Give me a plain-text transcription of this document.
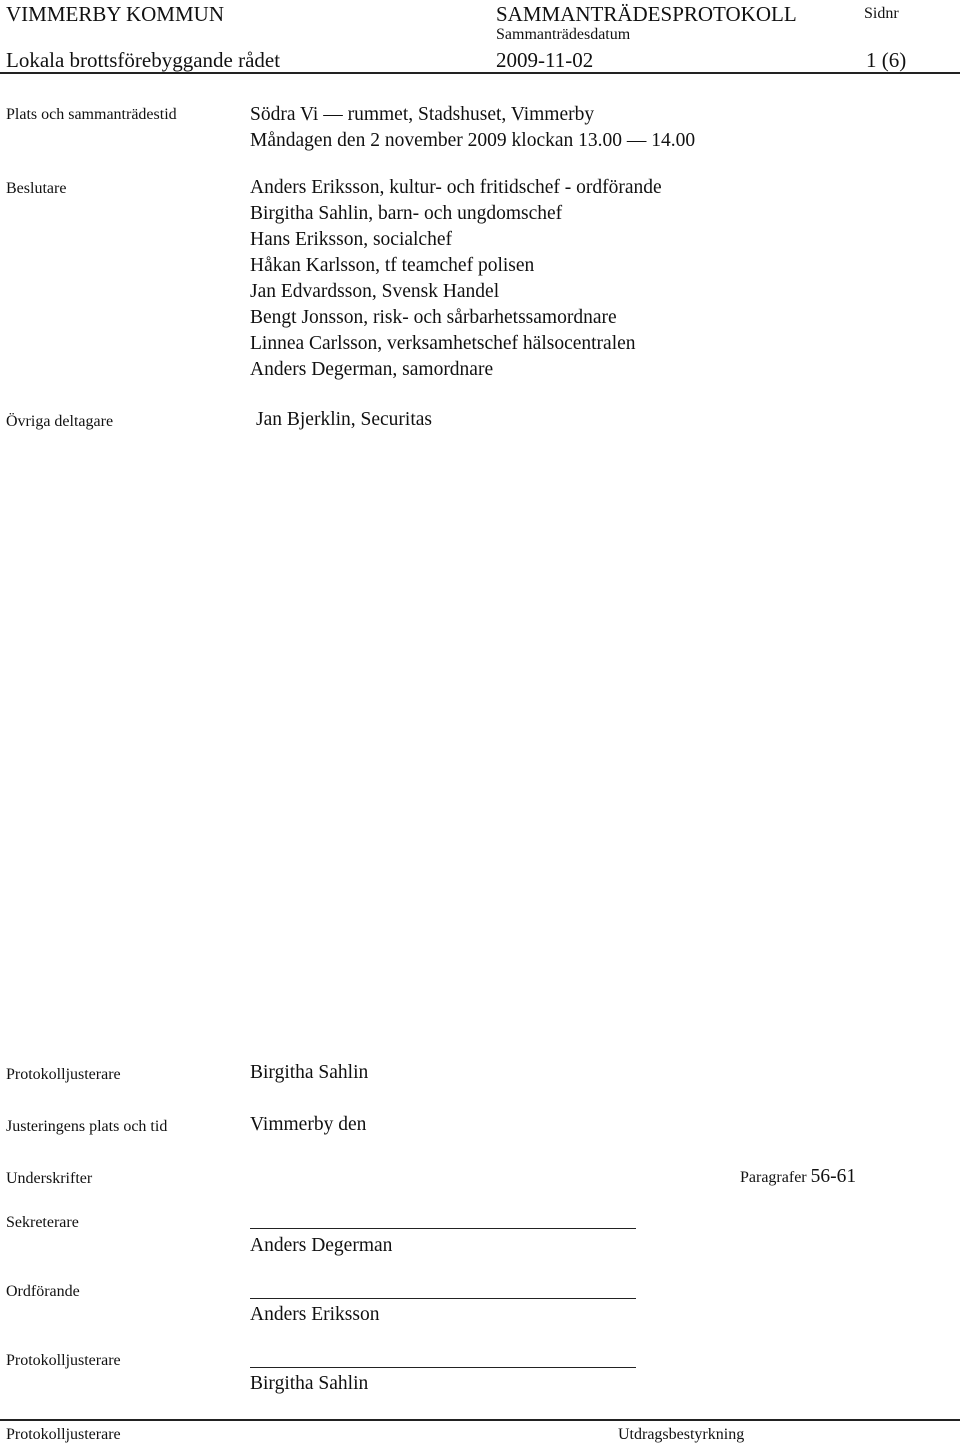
VIMMERBY KOMMUN	SAMMANTRÄDESPROTOKOLL	Sidnr
Sammanträdesdatum
Lokala brottsförebyggande rådet	2009-11-02	1 (6)
Plats och sammanträdestid	Södra Vi — rummet, Stadshuset, Vimmerby
Måndagen den 2 november 2009 klockan 13.00 — 14.00
Beslutare	Anders Eriksson, kultur- och fritidschef - ordförande
Birgitha Sahlin, barn- och ungdomschef
Hans Eriksson, socialchef
Håkan Karlsson, tf teamchef polisen
Jan Edvardsson, Svensk Handel
Bengt Jonsson, risk- och sårbarhetssamordnare
Linnea Carlsson, verksamhetschef hälsocentralen
Anders Degerman, samordnare
Övriga deltagare	Jan Bjerklin, Securitas
Protokolljusterare	Birgitha Sahlin
Justeringens plats och tid	Vimmerby den
Underskrifter	Paragrafer 56-61
Sekreterare
Anders Degerman
Ordförande
Anders Eriksson
Protokolljusterare
Birgitha Sahlin
Protokolljusterare	Utdragsbestyrkning
